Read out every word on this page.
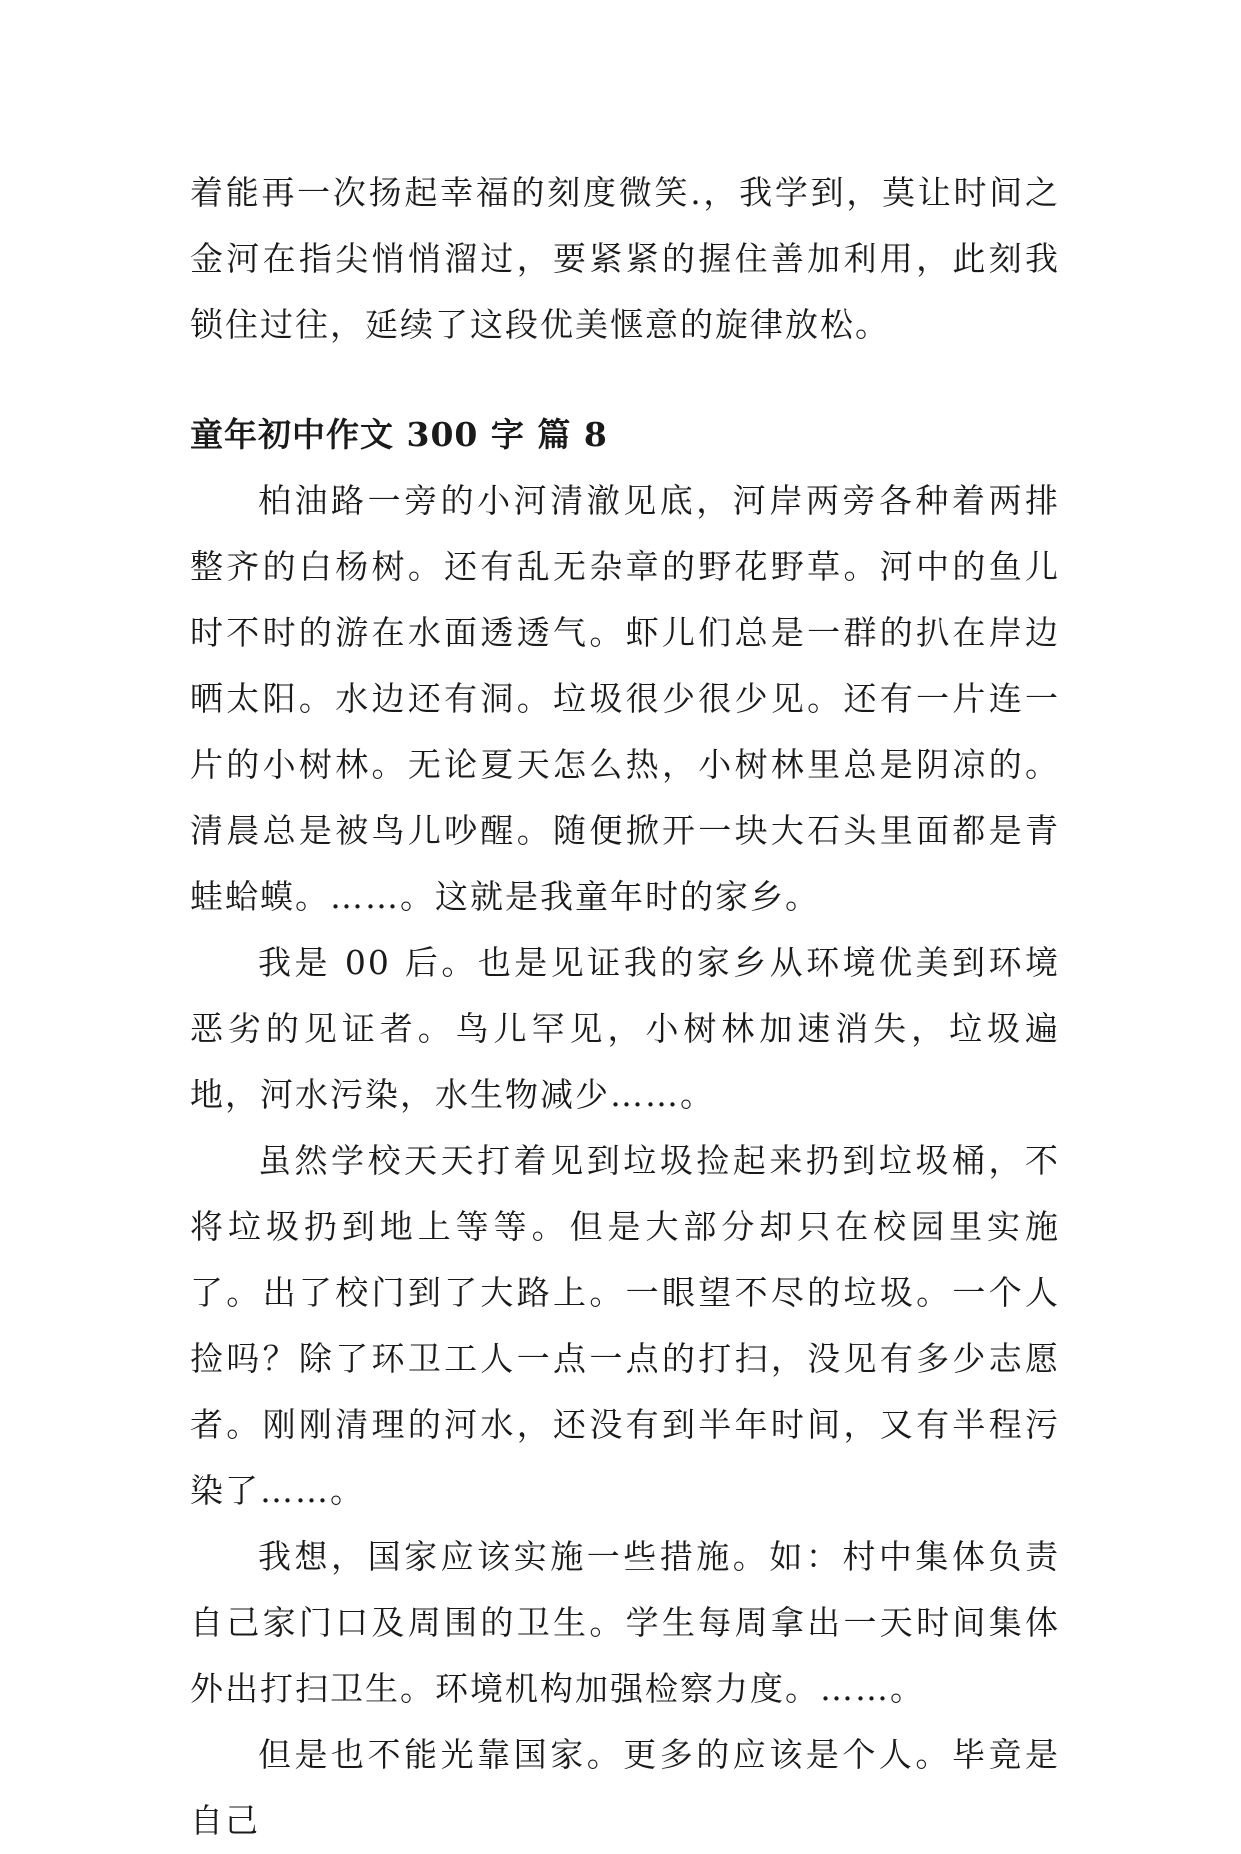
着能再一次扬起幸福的刻度微笑.，我学到，莫让时间之金河在指尖悄悄溜过，要紧紧的握住善加利用，此刻我锁住过往，延续了这段优美惬意的旋律放松。

童年初中作文 300 字 篇 8

柏油路一旁的小河清澈见底，河岸两旁各种着两排整齐的白杨树。还有乱无杂章的野花野草。河中的鱼儿时不时的游在水面透透气。虾儿们总是一群的扒在岸边晒太阳。水边还有洞。垃圾很少很少见。还有一片连一片的小树林。无论夏天怎么热，小树林里总是阴凉的。清晨总是被鸟儿吵醒。随便掀开一块大石头里面都是青蛙蛤蟆。……。这就是我童年时的家乡。

我是 00 后。也是见证我的家乡从环境优美到环境恶劣的见证者。鸟儿罕见，小树林加速消失，垃圾遍地，河水污染，水生物减少……。

虽然学校天天打着见到垃圾捡起来扔到垃圾桶，不将垃圾扔到地上等等。但是大部分却只在校园里实施了。出了校门到了大路上。一眼望不尽的垃圾。一个人捡吗？除了环卫工人一点一点的打扫，没见有多少志愿者。刚刚清理的河水，还没有到半年时间，又有半程污染了……。

我想，国家应该实施一些措施。如：村中集体负责自己家门口及周围的卫生。学生每周拿出一天时间集体外出打扫卫生。环境机构加强检察力度。……。

但是也不能光靠国家。更多的应该是个人。毕竟是自己
